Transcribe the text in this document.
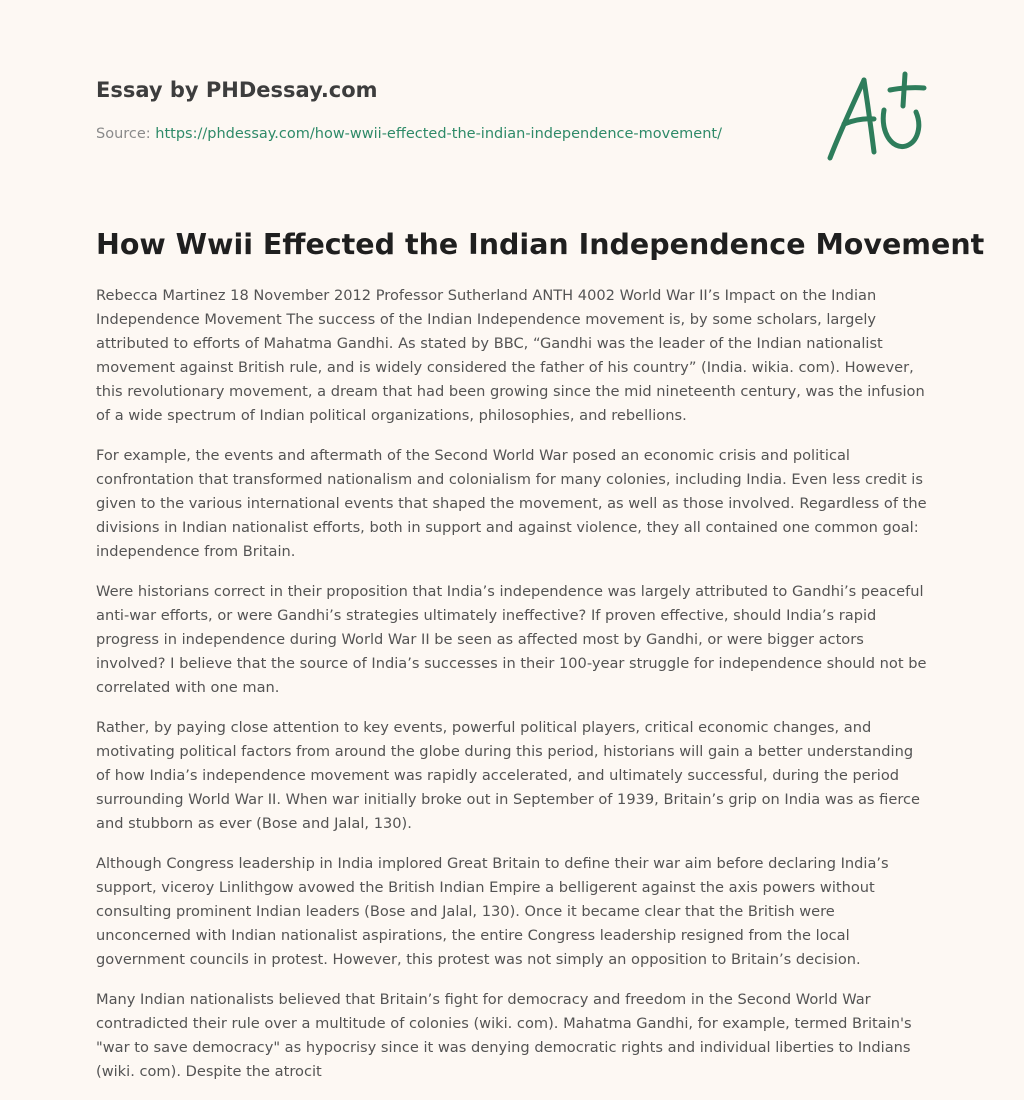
Essay by PHDessay.com
Source: https://phdessay.com/how-wwii-effected-the-indian-independence-movement/
How Wwii Effected the Indian Independence Movement

Rebecca Martinez 18 November 2012 Professor Sutherland ANTH 4002 World War II’s Impact on the Indian Independence Movement The success of the Indian Independence movement is, by some scholars, largely attributed to efforts of Mahatma Gandhi. As stated by BBC, “Gandhi was the leader of the Indian nationalist movement against British rule, and is widely considered the father of his country” (India. wikia. com). However, this revolutionary movement, a dream that had been growing since the mid nineteenth century, was the infusion of a wide spectrum of Indian political organizations, philosophies, and rebellions.

For example, the events and aftermath of the Second World War posed an economic crisis and political confrontation that transformed nationalism and colonialism for many colonies, including India. Even less credit is given to the various international events that shaped the movement, as well as those involved. Regardless of the divisions in Indian nationalist efforts, both in support and against violence, they all contained one common goal: independence from Britain.

Were historians correct in their proposition that India’s independence was largely attributed to Gandhi’s peaceful anti-war efforts, or were Gandhi’s strategies ultimately ineffective? If proven effective, should India’s rapid progress in independence during World War II be seen as affected most by Gandhi, or were bigger actors involved? I believe that the source of India’s successes in their 100-year struggle for independence should not be correlated with one man.

Rather, by paying close attention to key events, powerful political players, critical economic changes, and motivating political factors from around the globe during this period, historians will gain a better understanding of how India’s independence movement was rapidly accelerated, and ultimately successful, during the period surrounding World War II. When war initially broke out in September of 1939, Britain’s grip on India was as fierce and stubborn as ever (Bose and Jalal, 130).

Although Congress leadership in India implored Great Britain to define their war aim before declaring India’s support, viceroy Linlithgow avowed the British Indian Empire a belligerent against the axis powers without consulting prominent Indian leaders (Bose and Jalal, 130). Once it became clear that the British were unconcerned with Indian nationalist aspirations, the entire Congress leadership resigned from the local government councils in protest. However, this protest was not simply an opposition to Britain’s decision.

Many Indian nationalists believed that Britain’s fight for democracy and freedom in the Second World War contradicted their rule over a multitude of colonies (wiki. com). Mahatma Gandhi, for example, termed Britain's "war to save democracy" as hypocrisy since it was denying democratic rights and individual liberties to Indians (wiki. com). Despite the atrocit
